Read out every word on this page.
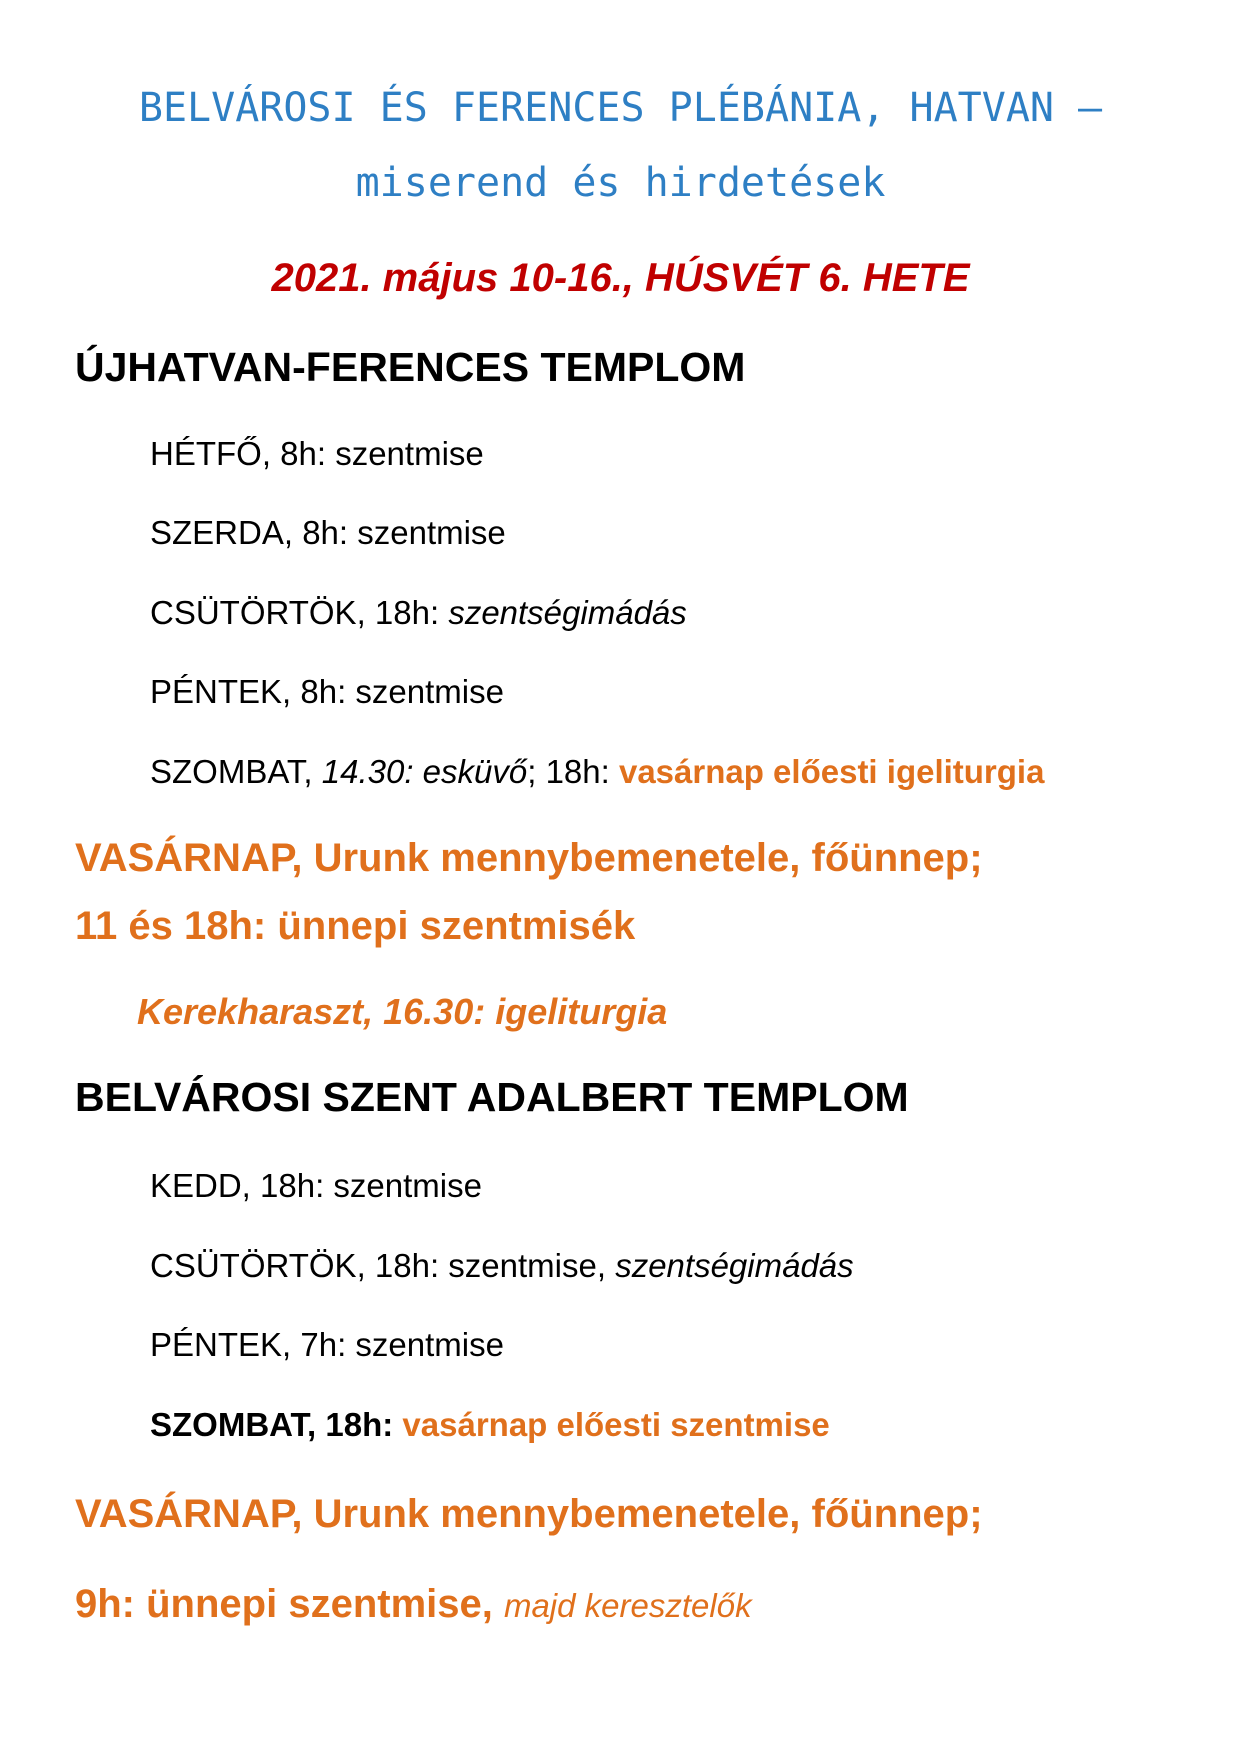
BELVÁROSI ÉS FERENCES PLÉBÁNIA, HATVAN –
miserend és hirdetések
2021. május 10-16., HÚSVÉT 6. HETE
ÚJHATVAN-FERENCES TEMPLOM
HÉTFŐ, 8h: szentmise
SZERDA, 8h: szentmise
CSÜTÖRTÖK, 18h: szentségimádás
PÉNTEK, 8h: szentmise
SZOMBAT, 14.30: esküvő; 18h: vasárnap előesti igeliturgia
VASÁRNAP, Urunk mennybemenetele, főünnep;
11 és 18h: ünnepi szentmisék
Kerekharaszt, 16.30: igeliturgia
BELVÁROSI SZENT ADALBERT TEMPLOM
KEDD, 18h: szentmise
CSÜTÖRTÖK, 18h: szentmise, szentségimádás
PÉNTEK, 7h: szentmise
SZOMBAT, 18h: vasárnap előesti szentmise
VASÁRNAP, Urunk mennybemenetele, főünnep;
9h: ünnepi szentmise, majd keresztelők
